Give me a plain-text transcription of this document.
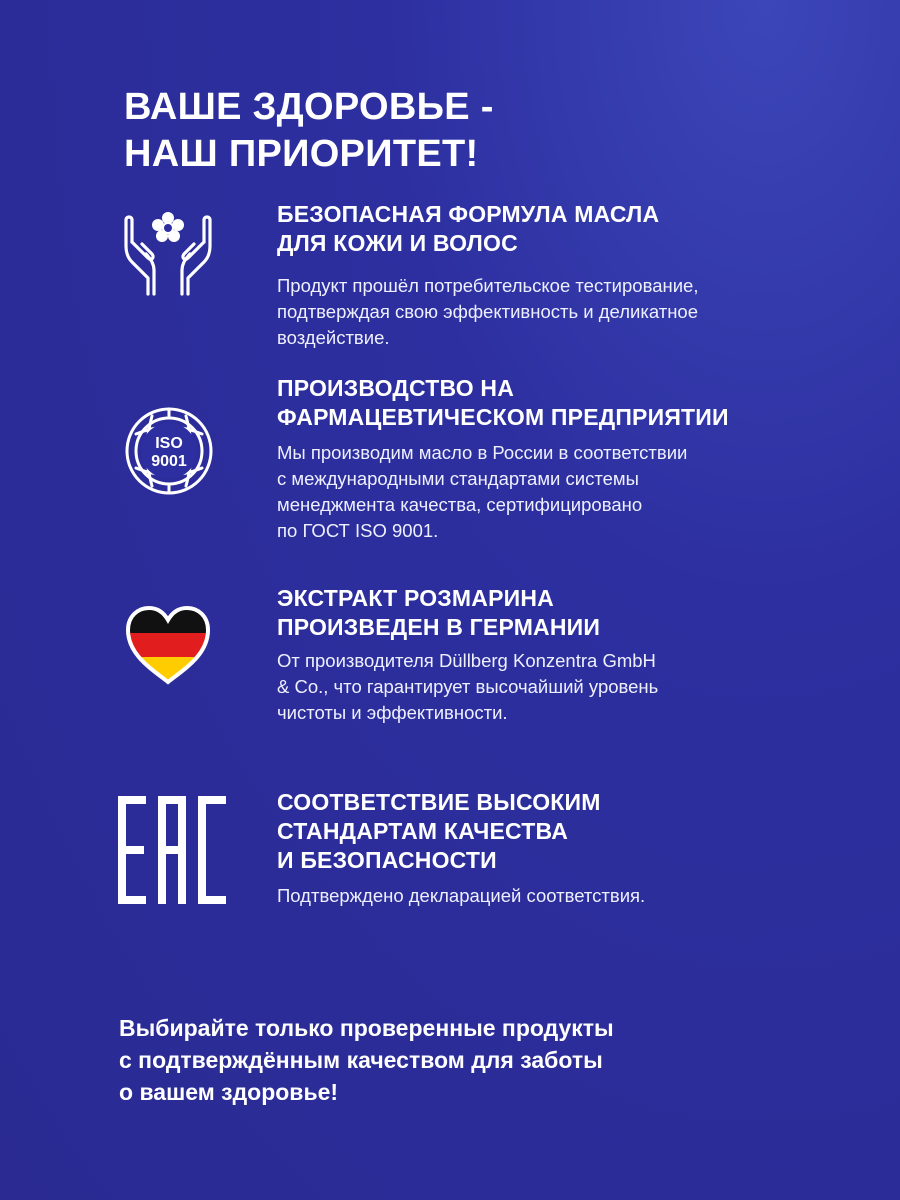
ВАШЕ ЗДОРОВЬЕ -
НАШ ПРИОРИТЕТ!
БЕЗОПАСНАЯ ФОРМУЛА МАСЛА
ДЛЯ КОЖИ И ВОЛОС

Продукт прошёл потребительское тестирование,
подтверждая свою эффективность и деликатное
воздействие.

ISO
9001
ПРОИЗВОДСТВО НА
ФАРМАЦЕВТИЧЕСКОМ ПРЕДПРИЯТИИ

Мы производим масло в России в соответствии
с международными стандартами системы
менеджмента качества, сертифицировано
по ГОСТ ISO 9001.

ЭКСТРАКТ РОЗМАРИНА
ПРОИЗВЕДЕН В ГЕРМАНИИ

От производителя Düllberg Konzentra GmbH
& Co., что гарантирует высочайший уровень
чистоты и эффективности.

СООТВЕТСТВИЕ ВЫСОКИМ
СТАНДАРТАМ КАЧЕСТВА
И БЕЗОПАСНОСТИ

Подтверждено декларацией соответствия.

Выбирайте только проверенные продукты
с подтверждённым качеством для заботы
о вашем здоровье!
